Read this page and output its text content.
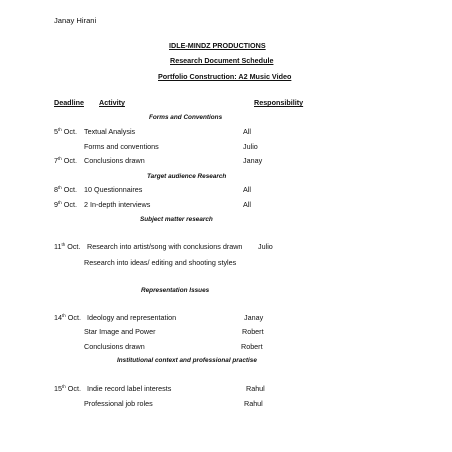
Janay Hirani
IDLE-MINDZ PRODUCTIONS
Research Document Schedule
Portfolio Construction: A2 Music Video
Deadline Activity	Responsibility
Forms and Conventions
5th Oct. Textual Analysis	All
Forms and conventions	Julio
7th Oct. Conclusions drawn	Janay
Target audience Research
8th Oct. 10 Questionnaires	All
9th Oct. 2 In-depth interviews	All
Subject matter research
11th Oct. Research into artist/song with conclusions drawn Julio
Research into ideas/ editing and shooting styles
Representation Issues
14th Oct. Ideology and representation	Janay
Star Image and Power	Robert
Conclusions drawn	Robert
Institutional context and professional practise
15th Oct. Indie record label interests	Rahul
Professional job roles	Rahul
